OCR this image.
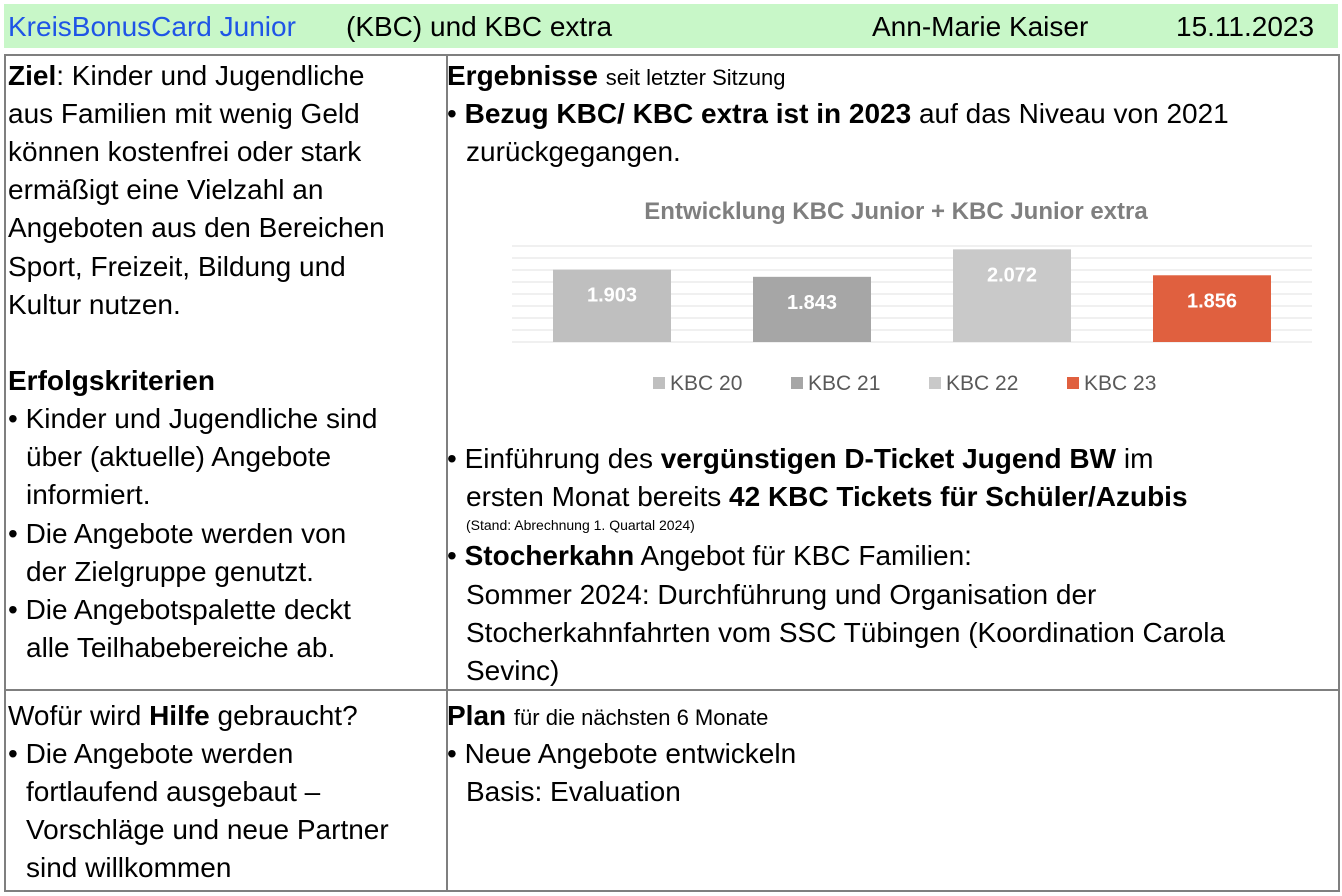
KreisBonusCard Junior (KBC) und KBC extra	Ann-Marie Kaiser	15.11.2023
Ziel: Kinder und Jugendliche
aus Familien mit wenig Geld
können kostenfrei oder stark
ermäßigt eine Vielzahl an
Angeboten aus den Bereichen
Sport, Freizeit, Bildung und
Kultur nutzen.
Erfolgskriterien
• Kinder und Jugendliche sind
über (aktuelle) Angebote
informiert.
• Die Angebote werden von
der Zielgruppe genutzt.
• Die Angebotspalette deckt
alle Teilhabebereiche ab.
Ergebnisse seit letzter Sitzung
• Bezug KBC/ KBC extra ist in 2023 auf das Niveau von 2021
zurückgegangen.
Entwicklung KBC Junior + KBC Junior extra
1.903	1.843
2.072
1.856
KBC 20	KBC 21	KBC 22	KBC 23
• Einführung des vergünstigen D-Ticket Jugend BW im
ersten Monat bereits 42 KBC Tickets für Schüler/Azubis
(Stand: Abrechnung 1. Quartal 2024)
• Stocherkahn Angebot für KBC Familien:
Sommer 2024: Durchführung und Organisation der
Stocherkahnfahrten vom SSC Tübingen (Koordination Carola
Sevinc)
Wofür wird Hilfe gebraucht?
• Die Angebote werden
fortlaufend ausgebaut –
Vorschläge und neue Partner
sind willkommen
Plan für die nächsten 6 Monate
• Neue Angebote entwickeln
Basis: Evaluation
